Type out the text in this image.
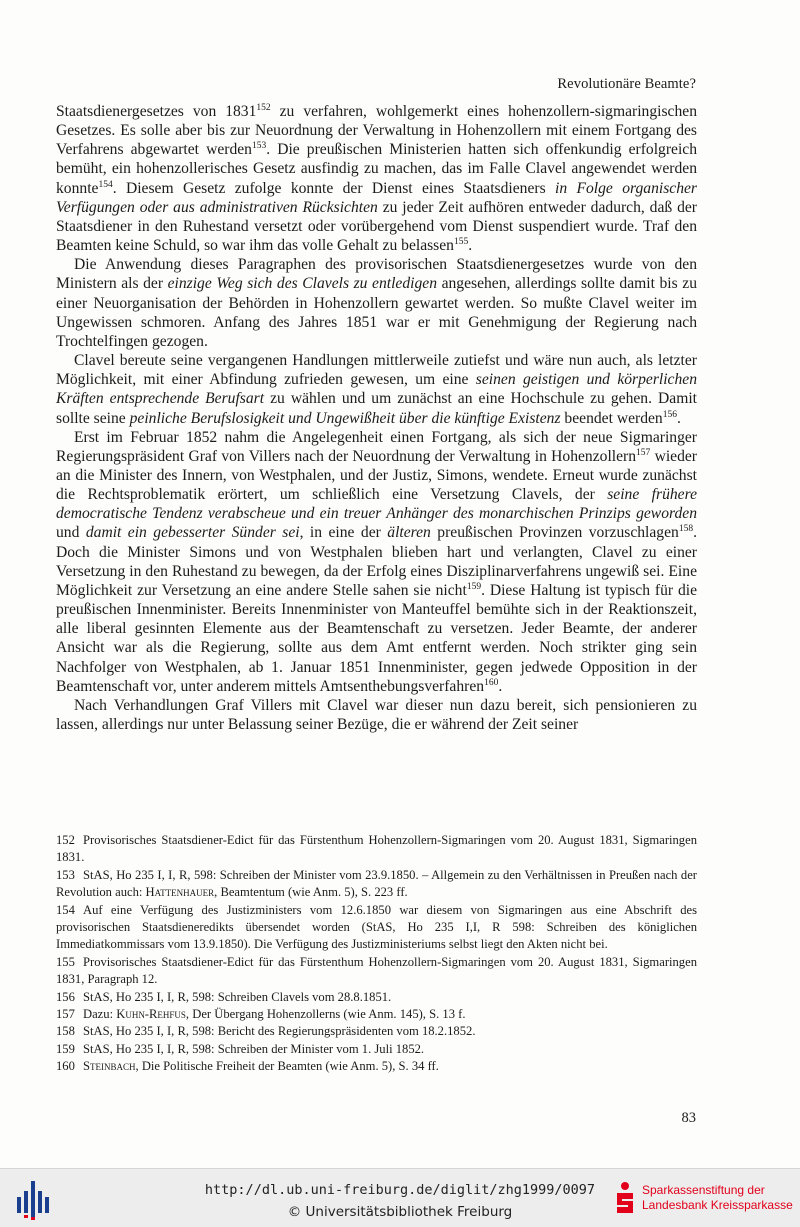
Revolutionäre Beamte?

Staatsdienergesetzes von 1831$^{152}$ zu verfahren, wohlgemerkt eines hohenzollern-sigmaringischen Gesetzes. Es solle aber bis zur Neuordnung der Verwaltung in Hohenzollern mit einem Fortgang des Verfahrens abgewartet werden$^{153}$. Die preußischen Ministerien hatten sich offenkundig erfolgreich bemüht, ein hohenzollerisches Gesetz ausfindig zu machen, das im Falle Clavel angewendet werden konnte$^{154}$. Diesem Gesetz zufolge konnte der Dienst eines Staatsdieners in Folge organischer Verfügungen oder aus administrativen Rücksichten zu jeder Zeit aufhören entweder dadurch, daß der Staatsdiener in den Ruhestand versetzt oder vorübergehend vom Dienst suspendiert wurde. Traf den Beamten keine Schuld, so war ihm das volle Gehalt zu belassen$^{155}$.

Die Anwendung dieses Paragraphen des provisorischen Staatsdienergesetzes wurde von den Ministern als der einzige Weg sich des Clavels zu entledigen angesehen, allerdings sollte damit bis zu einer Neuorganisation der Behörden in Hohenzollern gewartet werden. So mußte Clavel weiter im Ungewissen schmoren. Anfang des Jahres 1851 war er mit Genehmigung der Regierung nach Trochtelfingen gezogen.

Clavel bereute seine vergangenen Handlungen mittlerweile zutiefst und wäre nun auch, als letzter Möglichkeit, mit einer Abfindung zufrieden gewesen, um eine seinen geistigen und körperlichen Kräften entsprechende Berufsart zu wählen und um zunächst an eine Hochschule zu gehen. Damit sollte seine peinliche Berufslosigkeit und Ungewißheit über die künftige Existenz beendet werden$^{156}$.

Erst im Februar 1852 nahm die Angelegenheit einen Fortgang, als sich der neue Sigmaringer Regierungspräsident Graf von Villers nach der Neuordnung der Verwaltung in Hohenzollern$^{157}$ wieder an die Minister des Innern, von Westphalen, und der Justiz, Simons, wendete. Erneut wurde zunächst die Rechtsproblematik erörtert, um schließlich eine Versetzung Clavels, der seine frühere democratische Tendenz verabscheue und ein treuer Anhänger des monarchischen Prinzips geworden und damit ein gebesserter Sünder sei, in eine der älteren preußischen Provinzen vorzuschlagen$^{158}$. Doch die Minister Simons und von Westphalen blieben hart und verlangten, Clavel zu einer Versetzung in den Ruhestand zu bewegen, da der Erfolg eines Disziplinarverfahrens ungewiß sei. Eine Möglichkeit zur Versetzung an eine andere Stelle sahen sie nicht$^{159}$. Diese Haltung ist typisch für die preußischen Innenminister. Bereits Innenminister von Manteuffel bemühte sich in der Reaktionszeit, alle liberal gesinnten Elemente aus der Beamtenschaft zu versetzen. Jeder Beamte, der anderer Ansicht war als die Regierung, sollte aus dem Amt entfernt werden. Noch strikter ging sein Nachfolger von Westphalen, ab 1. Januar 1851 Innenminister, gegen jedwede Opposition in der Beamtenschaft vor, unter anderem mittels Amtsenthebungsverfahren$^{160}$.

Nach Verhandlungen Graf Villers mit Clavel war dieser nun dazu bereit, sich pensionieren zu lassen, allerdings nur unter Belassung seiner Bezüge, die er während der Zeit seiner

152 Provisorisches Staatsdiener-Edict für das Fürstenthum Hohenzollern-Sigmaringen vom 20. August 1831, Sigmaringen 1831.

153 StAS, Ho 235 I, I, R, 598: Schreiben der Minister vom 23.9.1850. – Allgemein zu den Verhältnissen in Preußen nach der Revolution auch: Hattenhauer, Beamtentum (wie Anm. 5), S. 223 ff.

154 Auf eine Verfügung des Justizministers vom 12.6.1850 war diesem von Sigmaringen aus eine Abschrift des provisorischen Staatsdieneredikts übersendet worden (StAS, Ho 235 I,I, R 598: Schreiben des königlichen Immediatkommissars vom 13.9.1850). Die Verfügung des Justizministeriums selbst liegt den Akten nicht bei.

155 Provisorisches Staatsdiener-Edict für das Fürstenthum Hohenzollern-Sigmaringen vom 20. August 1831, Sigmaringen 1831, Paragraph 12.

156 StAS, Ho 235 I, I, R, 598: Schreiben Clavels vom 28.8.1851.

157 Dazu: Kuhn-Rehfus, Der Übergang Hohenzollerns (wie Anm. 145), S. 13 f.

158 StAS, Ho 235 I, I, R, 598: Bericht des Regierungspräsidenten vom 18.2.1852.

159 StAS, Ho 235 I, I, R, 598: Schreiben der Minister vom 1. Juli 1852.

160 Steinbach, Die Politische Freiheit der Beamten (wie Anm. 5), S. 34 ff.

83
http://dl.ub.uni-freiburg.de/diglit/zhg1999/0097
© Universitätsbibliothek Freiburg
Sparkassenstiftung der
Landesbank Kreissparkasse
